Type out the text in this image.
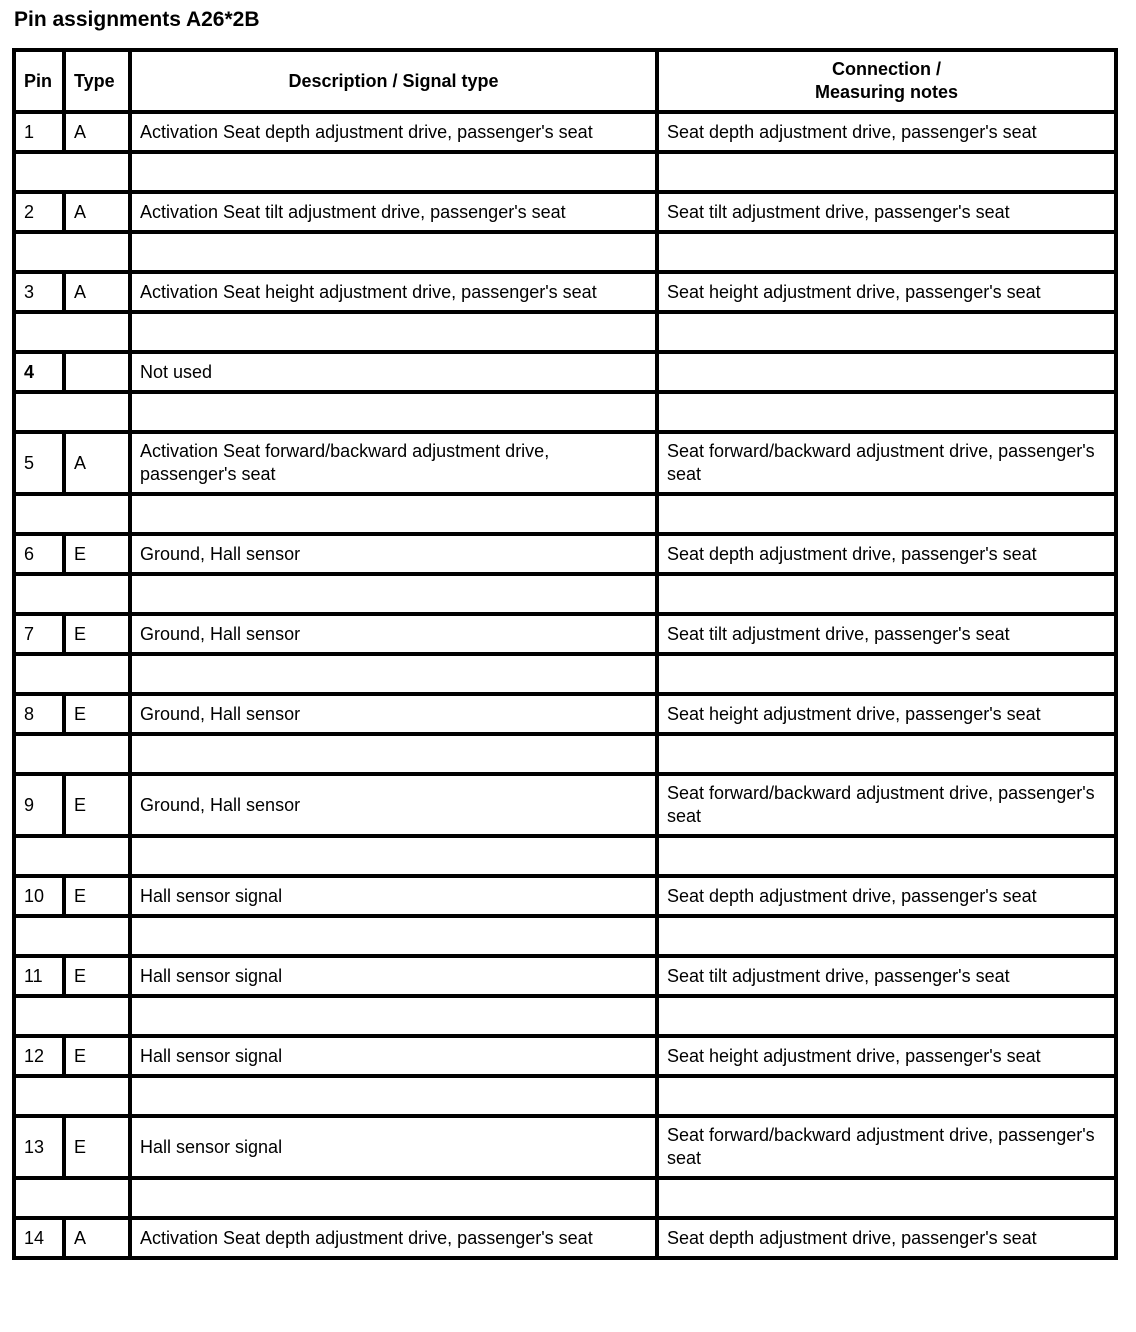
Pin assignments A26*2B
Pin	Type	Description / Signal type	Connection /
Measuring notes
1	A	Activation Seat depth adjustment drive, passenger's seat	Seat depth adjustment drive, passenger's seat

2	A	Activation Seat tilt adjustment drive, passenger's seat	Seat tilt adjustment drive, passenger's seat

3	A	Activation Seat height adjustment drive, passenger's seat	Seat height adjustment drive, passenger's seat

4		Not used	

5	A	Activation Seat forward/backward adjustment drive, passenger's seat	Seat forward/backward adjustment drive, passenger's seat

6	E	Ground, Hall sensor	Seat depth adjustment drive, passenger's seat

7	E	Ground, Hall sensor	Seat tilt adjustment drive, passenger's seat

8	E	Ground, Hall sensor	Seat height adjustment drive, passenger's seat

9	E	Ground, Hall sensor	Seat forward/backward adjustment drive, passenger's seat

10	E	Hall sensor signal	Seat depth adjustment drive, passenger's seat

11	E	Hall sensor signal	Seat tilt adjustment drive, passenger's seat

12	E	Hall sensor signal	Seat height adjustment drive, passenger's seat

13	E	Hall sensor signal	Seat forward/backward adjustment drive, passenger's seat

14	A	Activation Seat depth adjustment drive, passenger's seat	Seat depth adjustment drive, passenger's seat
